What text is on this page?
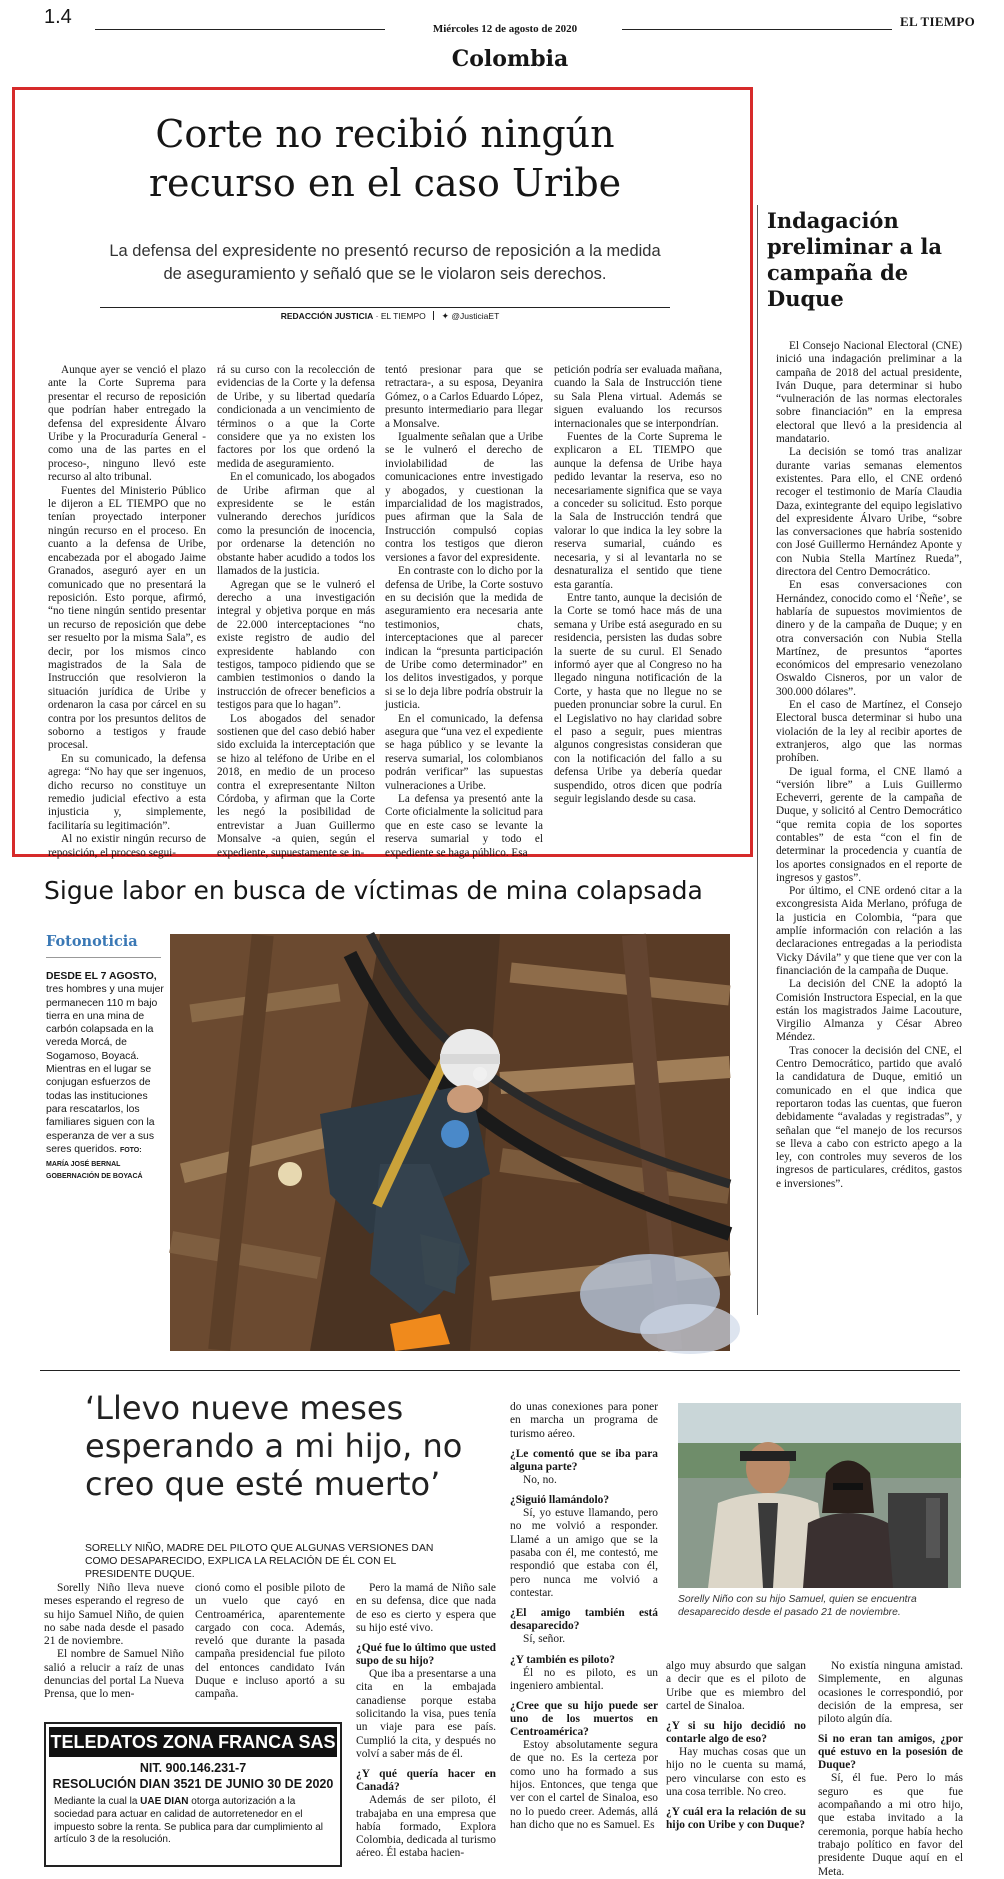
1.4
Miércoles 12 de agosto de 2020	EL TIEMPO
Colombia
Corte no recibió ningún recurso en el caso Uribe
La defensa del expresidente no presentó recurso de reposición a la medida de aseguramiento y señaló que se le violaron seis derechos.
REDACCIÓN JUSTICIA · EL TIEMPO ✦ @JusticiaET

Aunque ayer se venció el plazo ante la Corte Suprema para presentar el recurso de reposición que podrían haber entregado la defensa del expresidente Álvaro Uribe y la Procuraduría General -como una de las partes en el proceso-, ninguno llevó este recurso al alto tribunal.

Fuentes del Ministerio Público le dijeron a EL TIEMPO que no tenían proyectado interponer ningún recurso en el proceso. En cuanto a la defensa de Uribe, encabezada por el abogado Jaime Granados, aseguró ayer en un comunicado que no presentará la reposición. Esto porque, afirmó, “no tiene ningún sentido presentar un recurso de reposición que debe ser resuelto por la misma Sala”, es decir, por los mismos cinco magistrados de la Sala de Instrucción que resolvieron la situación jurídica de Uribe y ordenaron la casa por cárcel en su contra por los presuntos delitos de soborno a testigos y fraude procesal.

En su comunicado, la defensa agrega: “No hay que ser ingenuos, dicho recurso no constituye un remedio judicial efectivo a esta injusticia y, simplemente, facilitaría su legitimación”.

Al no existir ningún recurso de reposición, el proceso segui-

rá su curso con la recolección de evidencias de la Corte y la defensa de Uribe, y su libertad quedaría condicionada a un vencimiento de términos o a que la Corte considere que ya no existen los factores por los que ordenó la medida de aseguramiento.

En el comunicado, los abogados de Uribe afirman que al expresidente se le están vulnerando derechos jurídicos como la presunción de inocencia, por ordenarse la detención no obstante haber acudido a todos los llamados de la justicia.

Agregan que se le vulneró el derecho a una investigación integral y objetiva porque en más de 22.000 interceptaciones “no existe registro de audio del expresidente hablando con testigos, tampoco pidiendo que se cambien testimonios o dando la instrucción de ofrecer beneficios a testigos para que lo hagan”.

Los abogados del senador sostienen que del caso debió haber sido excluida la interceptación que se hizo al teléfono de Uribe en el 2018, en medio de un proceso contra el exrepresentante Nilton Córdoba, y afirman que la Corte les negó la posibilidad de entrevistar a Juan Guillermo Monsalve -a quien, según el expediente, supuestamente se in-

tentó presionar para que se retractara-, a su esposa, Deyanira Gómez, o a Carlos Eduardo López, presunto intermediario para llegar a Monsalve.

Igualmente señalan que a Uribe se le vulneró el derecho de inviolabilidad de las comunicaciones entre investigado y abogados, y cuestionan la imparcialidad de los magistrados, pues afirman que la Sala de Instrucción compulsó copias contra los testigos que dieron versiones a favor del expresidente.

En contraste con lo dicho por la defensa de Uribe, la Corte sostuvo en su decisión que la medida de aseguramiento era necesaria ante testimonios, chats, interceptaciones que al parecer indican la “presunta participación de Uribe como determinador” en los delitos investigados, y porque si se lo deja libre podría obstruir la justicia.

En el comunicado, la defensa asegura que “una vez el expediente se haga público y se levante la reserva sumarial, los colombianos podrán verificar” las supuestas vulneraciones a Uribe.

La defensa ya presentó ante la Corte oficialmente la solicitud para que en este caso se levante la reserva sumarial y todo el expediente se haga público. Esa

petición podría ser evaluada mañana, cuando la Sala de Instrucción tiene su Sala Plena virtual. Además se siguen evaluando los recursos internacionales que se interpondrían.

Fuentes de la Corte Suprema le explicaron a EL TIEMPO que aunque la defensa de Uribe haya pedido levantar la reserva, eso no necesariamente significa que se vaya a conceder su solicitud. Esto porque la Sala de Instrucción tendrá que valorar lo que indica la ley sobre la reserva sumarial, cuándo es necesaria, y si al levantarla no se desnaturaliza el sentido que tiene esta garantía.

Entre tanto, aunque la decisión de la Corte se tomó hace más de una semana y Uribe está asegurado en su residencia, persisten las dudas sobre la suerte de su curul. El Senado informó ayer que al Congreso no ha llegado ninguna notificación de la Corte, y hasta que no llegue no se pueden pronunciar sobre la curul. En el Legislativo no hay claridad sobre el paso a seguir, pues mientras algunos congresistas consideran que con la notificación del fallo a su defensa Uribe ya debería quedar suspendido, otros dicen que podría seguir legislando desde su casa.

Indagación preliminar a la campaña de Duque

El Consejo Nacional Electoral (CNE) inició una indagación preliminar a la campaña de 2018 del actual presidente, Iván Duque, para determinar si hubo “vulneración de las normas electorales sobre financiación” en la empresa electoral que llevó a la presidencia al mandatario.

La decisión se tomó tras analizar durante varias semanas elementos existentes. Para ello, el CNE ordenó recoger el testimonio de María Claudia Daza, exintegrante del equipo legislativo del expresidente Álvaro Uribe, “sobre las conversaciones que habría sostenido con José Guillermo Hernández Aponte y con Nubia Stella Martínez Rueda”, directora del Centro Democrático.

En esas conversaciones con Hernández, conocido como el ‘Ñeñe’, se hablaría de supuestos movimientos de dinero y de la campaña de Duque; y en otra conversación con Nubia Stella Martínez, de presuntos “aportes económicos del empresario venezolano Oswaldo Cisneros, por un valor de 300.000 dólares”.

En el caso de Martínez, el Consejo Electoral busca determinar si hubo una violación de la ley al recibir aportes de extranjeros, algo que las normas prohíben.

De igual forma, el CNE llamó a “versión libre” a Luis Guillermo Echeverri, gerente de la campaña de Duque, y solicitó al Centro Democrático “que remita copia de los soportes contables” de esta “con el fin de determinar la procedencia y cuantía de los aportes consignados en el reporte de ingresos y gastos”.

Por último, el CNE ordenó citar a la excongresista Aida Merlano, prófuga de la justicia en Colombia, “para que amplíe información con relación a las declaraciones entregadas a la periodista Vicky Dávila” y que tiene que ver con la financiación de la campaña de Duque.

La decisión del CNE la adoptó la Comisión Instructora Especial, en la que están los magistrados Jaime Lacouture, Virgilio Almanza y César Abreo Méndez.

Tras conocer la decisión del CNE, el Centro Democrático, partido que avaló la candidatura de Duque, emitió un comunicado en el que indica que reportaron todas las cuentas, que fueron debidamente “avaladas y registradas”, y señalan que “el manejo de los recursos se lleva a cabo con estricto apego a la ley, con controles muy severos de los ingresos de particulares, créditos, gastos e inversiones”.

Sigue labor en busca de víctimas de mina colapsada
Fotonoticia
DESDE EL 7 AGOSTO, tres hombres y una mujer permanecen 110 m bajo tierra en una mina de carbón colapsada en la vereda Morcá, de Sogamoso, Boyacá. Mientras en el lugar se conjugan esfuerzos de todas las instituciones para rescatarlos, los familiares siguen con la esperanza de ver a sus seres queridos. FOTO:
MARÍA JOSÉ BERNAL GOBERNACIÓN DE BOYACÁ
‘Llevo nueve meses esperando a mi hijo, no creo que esté muerto’
SORELLY NIÑO, MADRE DEL PILOTO QUE ALGUNAS VERSIONES DAN COMO DESAPARECIDO, EXPLICA LA RELACIÓN DE ÉL CON EL PRESIDENTE DUQUE.

Sorelly Niño lleva nueve meses esperando el regreso de su hijo Samuel Niño, de quien no sabe nada desde el pasado 21 de noviembre.

El nombre de Samuel Niño salió a relucir a raíz de unas denuncias del portal La Nueva Prensa, que lo men-

cionó como el posible piloto de un vuelo que cayó en Centroamérica, aparentemente cargado con coca. Además, reveló que durante la pasada campaña presidencial fue piloto del entonces candidato Iván Duque e incluso aportó a su campaña.

Pero la mamá de Niño sale en su defensa, dice que nada de eso es cierto y espera que su hijo esté vivo.

¿Qué fue lo último que usted supo de su hijo?

Que iba a presentarse a una cita en la embajada canadiense porque estaba solicitando la visa, pues tenía un viaje para ese país. Cumplió la cita, y después no volví a saber más de él.

¿Y qué quería hacer en Canadá?

Además de ser piloto, él trabajaba en una empresa que había formado, Explora Colombia, dedicada al turismo aéreo. Él estaba hacien-

do unas conexiones para poner en marcha un programa de turismo aéreo.

¿Le comentó que se iba para alguna parte?

No, no.

¿Siguió llamándolo?

Sí, yo estuve llamando, pero no me volvió a responder. Llamé a un amigo que se la pasaba con él, me contestó, me respondió que estaba con él, pero nunca me volvió a contestar.

¿El amigo también está desaparecido?

Sí, señor.

¿Y también es piloto?

Él no es piloto, es un ingeniero ambiental.

¿Cree que su hijo puede ser uno de los muertos en Centroamérica?

Estoy absolutamente segura de que no. Es la certeza por como uno ha formado a sus hijos. Entonces, que tenga que ver con el cartel de Sinaloa, eso no lo puedo creer. Además, allá han dicho que no es Samuel. Es

Sorelly Niño con su hijo Samuel, quien se encuentra desaparecido desde el pasado 21 de noviembre.

algo muy absurdo que salgan a decir que es el piloto de Uribe que es miembro del cartel de Sinaloa.

¿Y si su hijo decidió no contarle algo de eso?

Hay muchas cosas que un hijo no le cuenta su mamá, pero vincularse con esto es una cosa terrible. No creo.

¿Y cuál era la relación de su hijo con Uribe y con Duque?

No existía ninguna amistad. Simplemente, en algunas ocasiones le correspondió, por decisión de la empresa, ser piloto algún día.

Si no eran tan amigos, ¿por qué estuvo en la posesión de Duque?

Sí, él fue. Pero lo más seguro es que fue acompañando a mi otro hijo, que estaba invitado a la ceremonia, porque había hecho trabajo político en favor del presidente Duque aquí en el Meta.

TELEDATOS ZONA FRANCA SAS
NIT. 900.146.231-7
RESOLUCIÓN DIAN 3521 DE JUNIO 30 DE 2020
Mediante la cual la UAE DIAN otorga autorización a la sociedad para actuar en calidad de autorretenedor en el impuesto sobre la renta. Se publica para dar cumplimiento al artículo 3 de la resolución.
